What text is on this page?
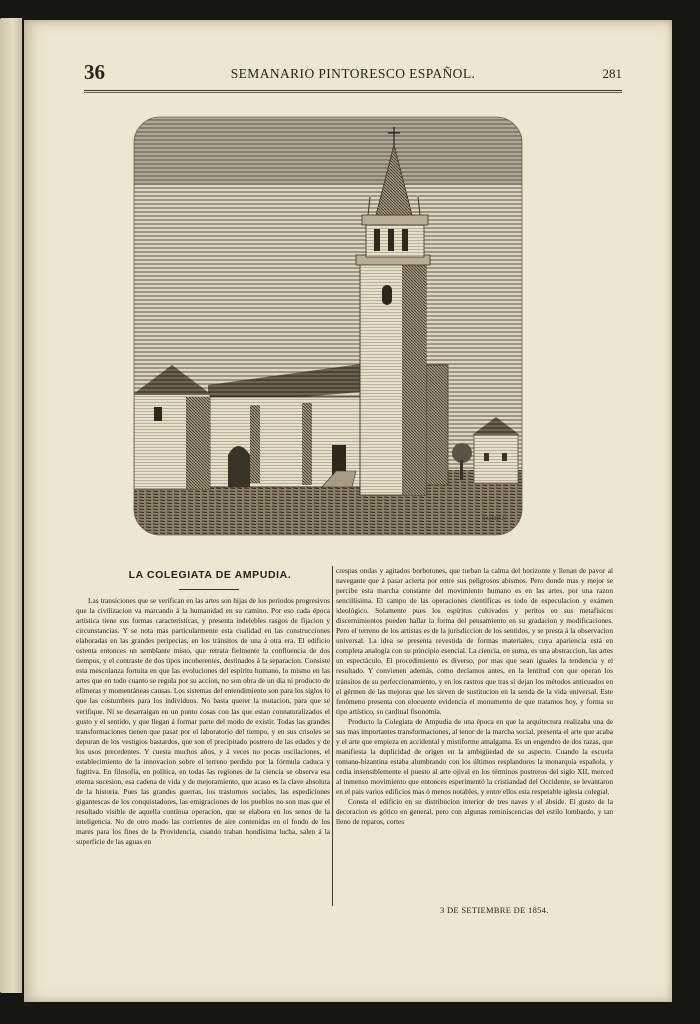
36	SEMANARIO PINTORESCO ESPAÑOL.	281
RAMIREZ
LA COLEGIATA DE AMPUDIA.

Las transiciones que se verifican en las artes son hijas de los periodos progresivos que la civilizacion va marcando á la humanidad en su camino. Por eso cada época artística tiene sus formas características, y presenta indelebles rasgos de fijacion y circunstancias. Y se nota mas particularmente esta cualidad en las construcciones elaboradas en las grandes peripecias, en los tránsitos de una á otra era. El edificio ostenta entonces un semblante misto, que retrata fielmente la confluencia de dos tiempos, y el contraste de dos tipos incoherentes, destinados á la separacion. Consiste esta mescolanza fortuita en que las evoluciones del espíritu humano, lo mismo en las artes que en todo cuanto se regula por su accion, no son obra de un dia ni producto de efímeras y momentáneas causas. Los sistemas del entendimiento son para los siglos lo que las costumbres para los individuos. No basta querer la mutacion, para que se verifique. Ni se desarraigan en un punto cosas con las que estan connaturalizados el gusto y el sentido, y que llegan á formar parte del modo de existir. Todas las grandes transformaciones tienen que pasar por el laboratorio del tiempo, y en sus crisoles se depuran de los vestigios bastardos, que son el precipitado postrero de las edades y de los usos precedentes. Y cuesta muchos años, y á veces no pocas oscilaciones, el establecimiento de la innovacion sobre el terreno perdido por la fórmula caduca y fugitiva. En filosofía, en política, en todas las regiones de la ciencia se observa esa eterna sucesion, esa cadena de vida y de mejoramiento, que acaso es la clave absoluta de la historia. Pues las grandes guerras, los trastornos sociales, las espediciones gigantescas de los conquistadores, las emigraciones de los pueblos no son mas que el resultado visible de aquella contínua operacion, que se elabora en los senos de la inteligencia. No de otro modo las corrientes de aire contenidas en el fondo de los mares para los fines de la Providencia, cuando traban hondísima lucha, salen á la superficie de las aguas en

crespas ondas y agitados borbotones, que turban la calma del horizonte y llenan de pavor al navegante que á pasar acierta por entre sus peligrosos abismos. Pero donde mas y mejor se percibe esta marcha constante del movimiento humano es en las artes, por una razon sencillísima. El campo de las operaciones científicas es todo de especulacion y exámen ideológico. Solamente pues los espíritus cultivados y peritos en sus metafísicos discernimientos pueden hallar la forma del pensamiento en su gradacion y modificaciones. Pero el terreno de los artistas es de la jurisdiccion de los sentidos, y se presta á la observacion universal. La idea se presenta revestida de formas materiales, cuya apariencia está en completa analogía con su principio esencial. La ciencia, en suma, es una abstraccion, las artes un espectáculo. El procedimiento es diverso, por mas que sean iguales la tendencia y el resultado. Y convienen además, como decíamos antes, en la lentitud con que operan los tránsitos de su perfeccionamiento, y en los rastros que tras sí dejan los métodos anticuados en el gérmen de las mejoras que les sirven de sustitucion en la senda de la vida universal. Este fenómeno presenta con elocuente evidencia el monumento de que tratamos hoy, y forma su tipo artístico, su cardinal fisonomía.

Producto la Colegiata de Ampudia de una época en que la arquitectura realizaba una de sus mas importantes transformaciones, al tenor de la marcha social, presenta el arte que acaba y el arte que empieza en accidental y mistiforme amalgama. Es un engendro de dos razas, que manifiesta la duplicidad de origen en la ambigüedad de su aspecto. Cuando la escuela romano-bizantina estaba alumbrando con los últimos resplandores la monarquía española, y cedia insensiblemente el puesto al arte ojival en los términos postreros del siglo XII, merced al inmenso movimiento que entonces esperimentó la cristiandad del Occidente, se levantaron en el pais varios edificios mas ó menos notables, y entre ellos esta respetable iglesia colegial.

Consta el edificio en su distribucion interior de tres naves y el ábside. El gusto de la decoracion es gótico en general, pero con algunas reminiscencias del estilo lombardo, y tan lleno de reparos, cortes

3 DE SETIEMBRE DE 1854.
